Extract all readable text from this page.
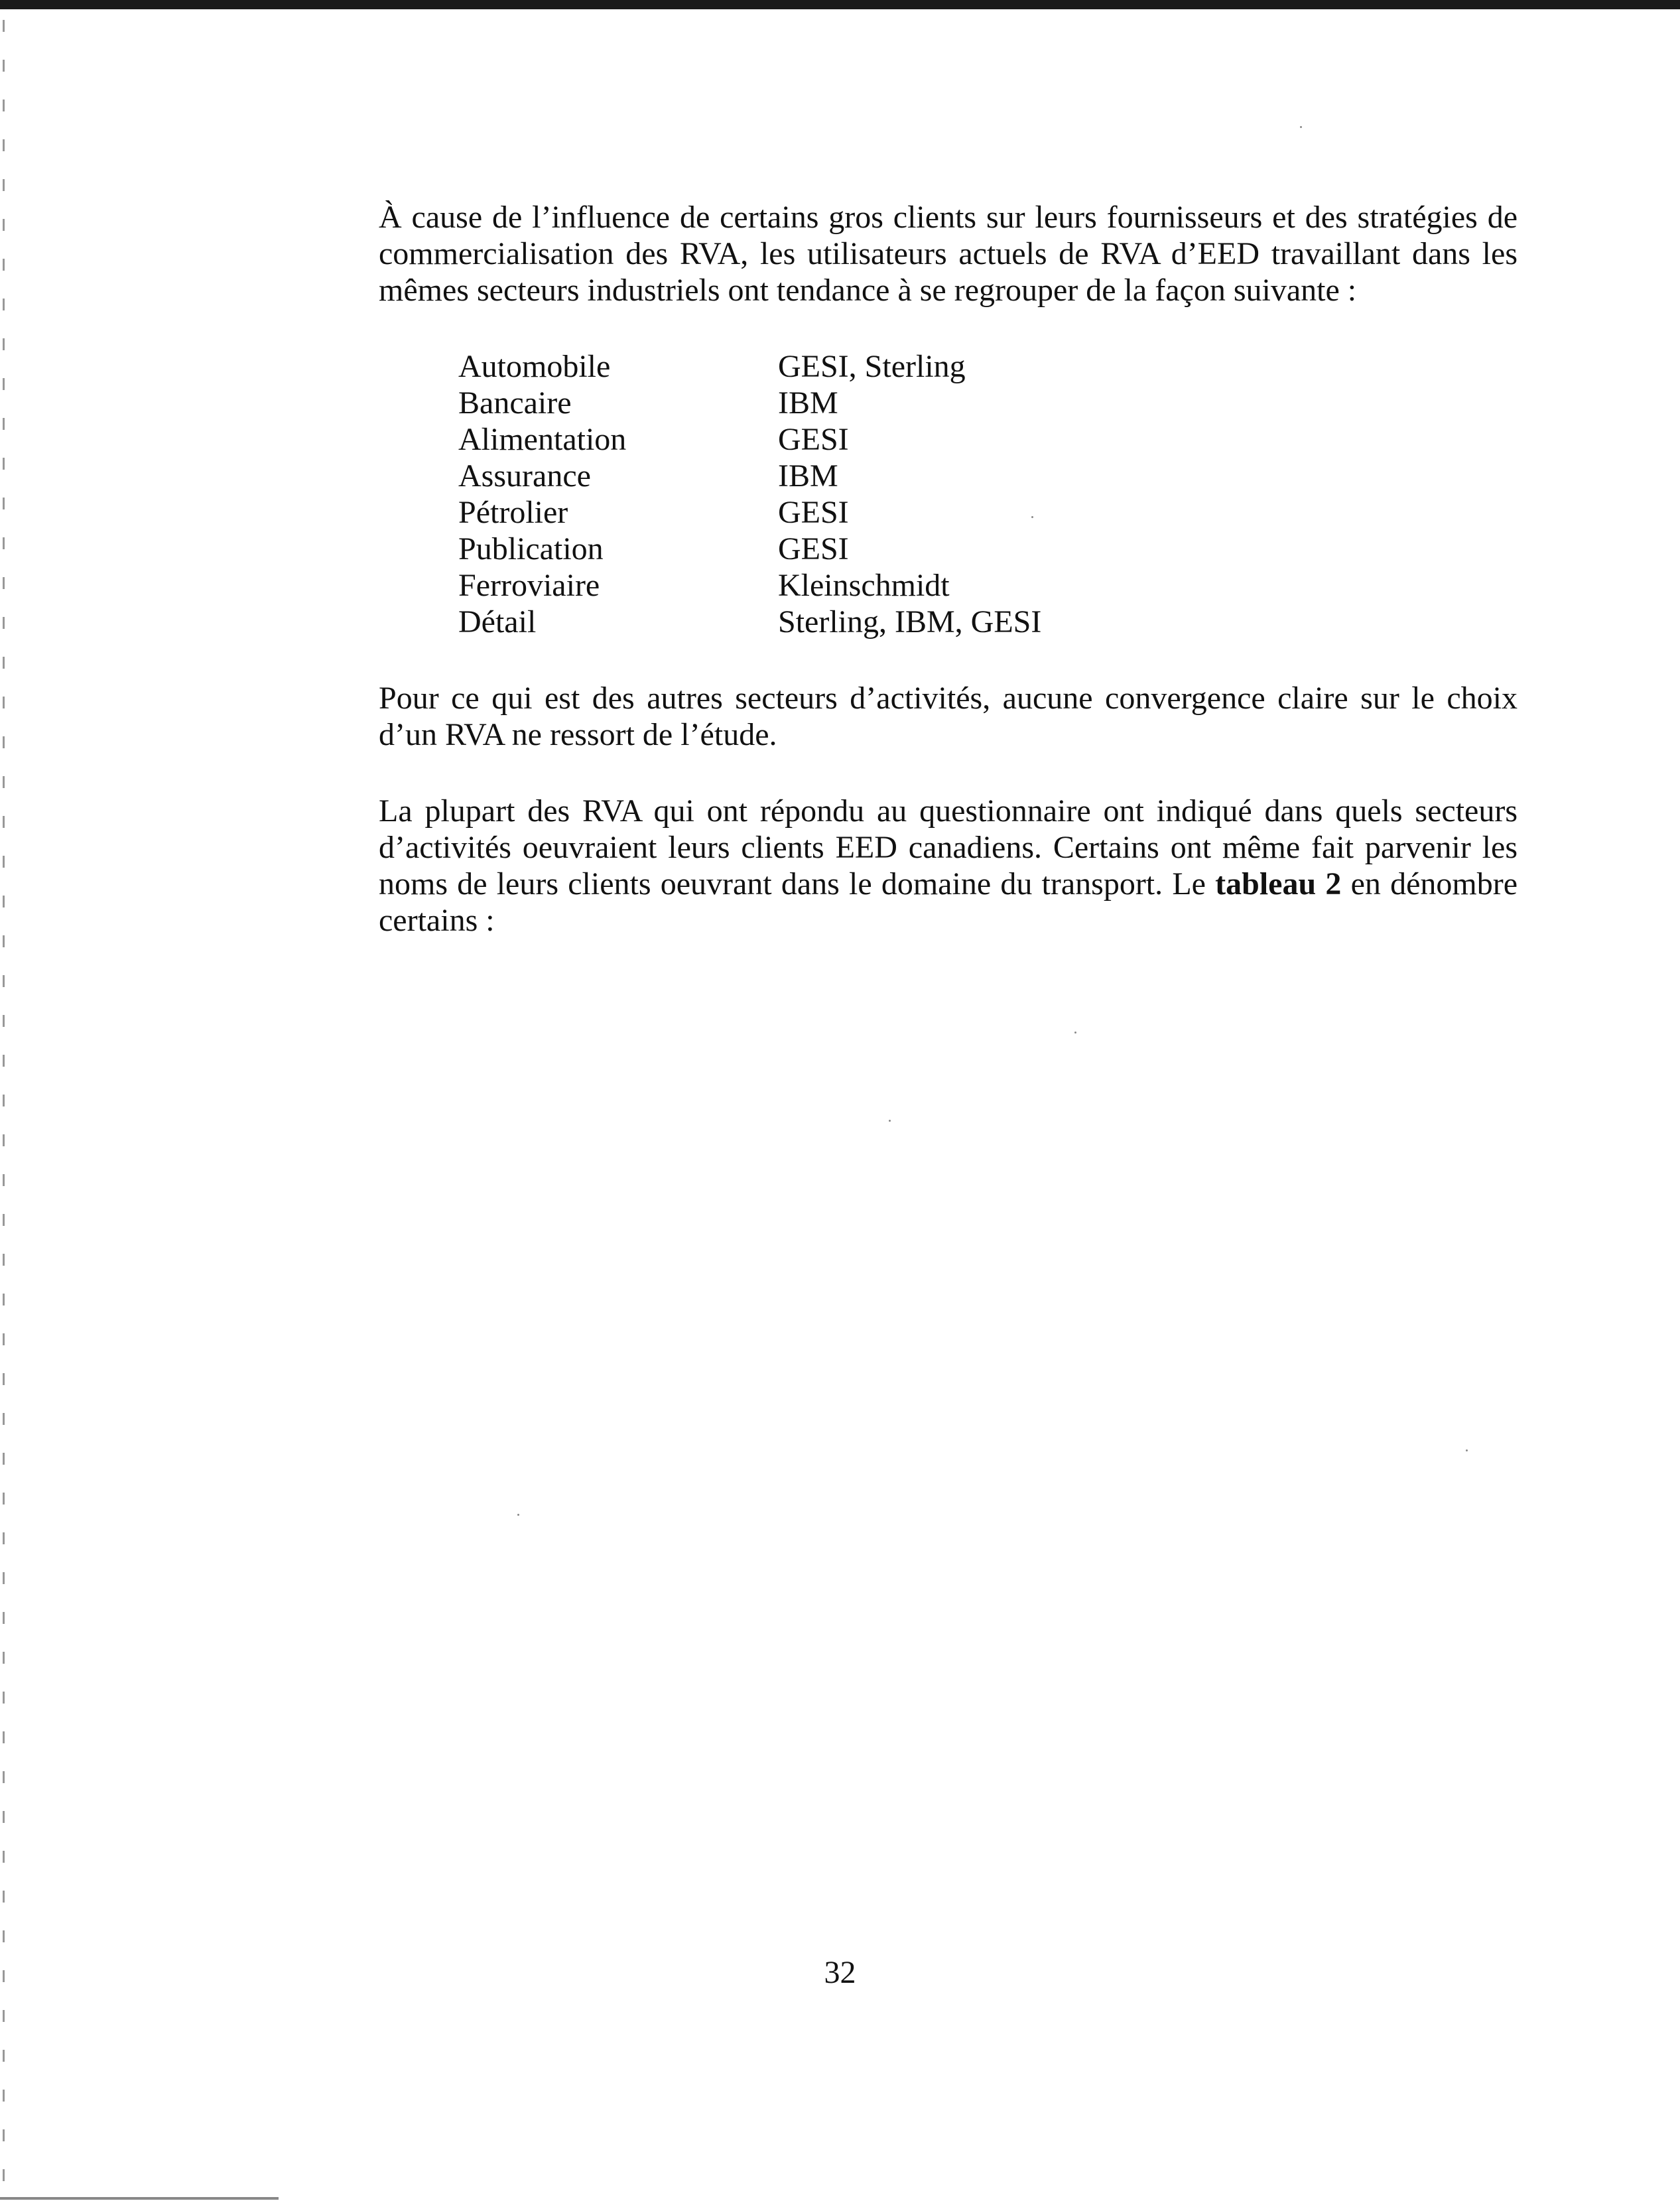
À cause de l’influence de certains gros clients sur leurs fournisseurs et des stratégies de commercialisation des RVA, les utilisateurs actuels de RVA d’EED travaillant dans les mêmes secteurs industriels ont tendance à se regrouper de la façon suivante :

Automobile	GESI, Sterling
Bancaire	IBM
Alimentation	GESI
Assurance	IBM
Pétrolier	GESI
Publication	GESI
Ferroviaire	Kleinschmidt
Détail	Sterling, IBM, GESI

Pour ce qui est des autres secteurs d’activités, aucune convergence claire sur le choix d’un RVA ne ressort de l’étude.

La plupart des RVA qui ont répondu au questionnaire ont indiqué dans quels secteurs d’activités oeuvraient leurs clients EED canadiens. Certains ont même fait parvenir les noms de leurs clients oeuvrant dans le domaine du transport. Le tableau 2 en dénombre certains :

32
